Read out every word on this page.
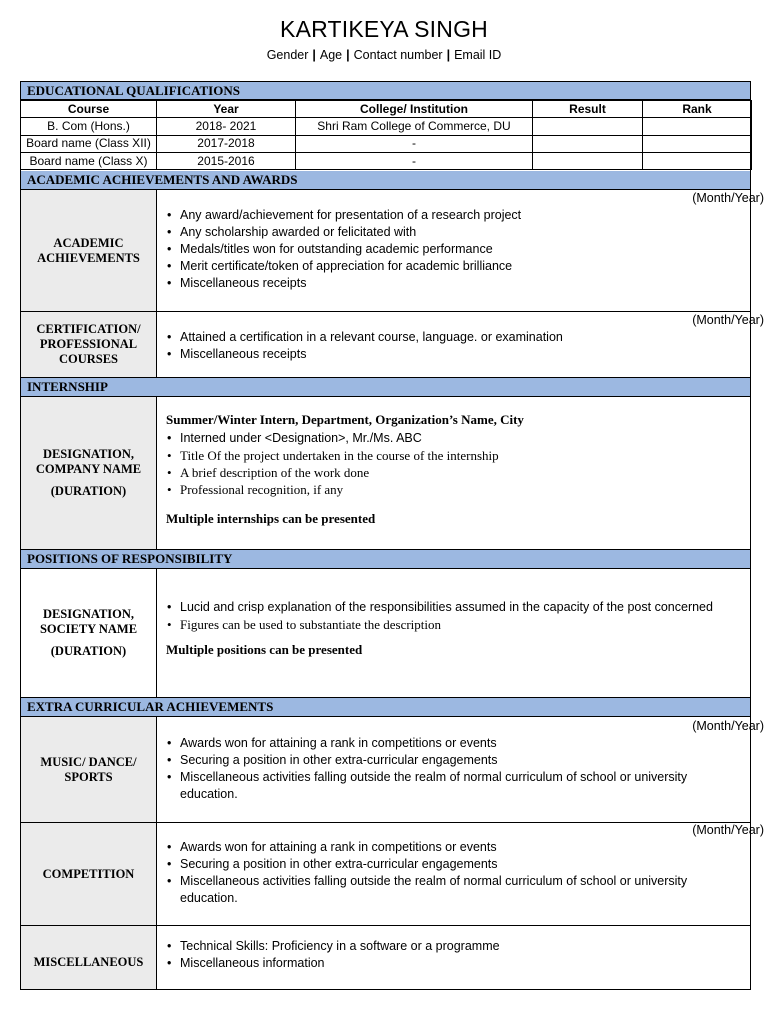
KARTIKEYA SINGH
Gender | Age | Contact number | Email ID
EDUCATIONAL QUALIFICATIONS
Course	Year	College/ Institution	Result	Rank
B. Com (Hons.)	2018- 2021	Shri Ram College of Commerce, DU		
Board name (Class XII)	2017-2018	-		
Board name (Class X)	2015-2016	-		
ACADEMIC ACHIEVEMENTS AND AWARDS
ACADEMIC ACHIEVEMENTS
(Month/Year)
• Any award/achievement for presentation of a research project
• Any scholarship awarded or felicitated with
• Medals/titles won for outstanding academic performance
• Merit certificate/token of appreciation for academic brilliance
• Miscellaneous receipts
CERTIFICATION/ PROFESSIONAL COURSES
(Month/Year)
• Attained a certification in a relevant course, language. or examination
• Miscellaneous receipts
INTERNSHIP
DESIGNATION, COMPANY NAME
(DURATION)
Summer/Winter Intern, Department, Organization’s Name, City
• Interned under <Designation>, Mr./Ms. ABC
• Title Of the project undertaken in the course of the internship
• A brief description of the work done
• Professional recognition, if any
Multiple internships can be presented
POSITIONS OF RESPONSIBILITY
DESIGNATION, SOCIETY NAME
(DURATION)
• Lucid and crisp explanation of the responsibilities assumed in the capacity of the post concerned
• Figures can be used to substantiate the description
Multiple positions can be presented
EXTRA CURRICULAR ACHIEVEMENTS
MUSIC/ DANCE/ SPORTS
(Month/Year)
• Awards won for attaining a rank in competitions or events
• Securing a position in other extra-curricular engagements
• Miscellaneous activities falling outside the realm of normal curriculum of school or university education.
COMPETITION
(Month/Year)
• Awards won for attaining a rank in competitions or events
• Securing a position in other extra-curricular engagements
• Miscellaneous activities falling outside the realm of normal curriculum of school or university education.
MISCELLANEOUS
• Technical Skills: Proficiency in a software or a programme
• Miscellaneous information
